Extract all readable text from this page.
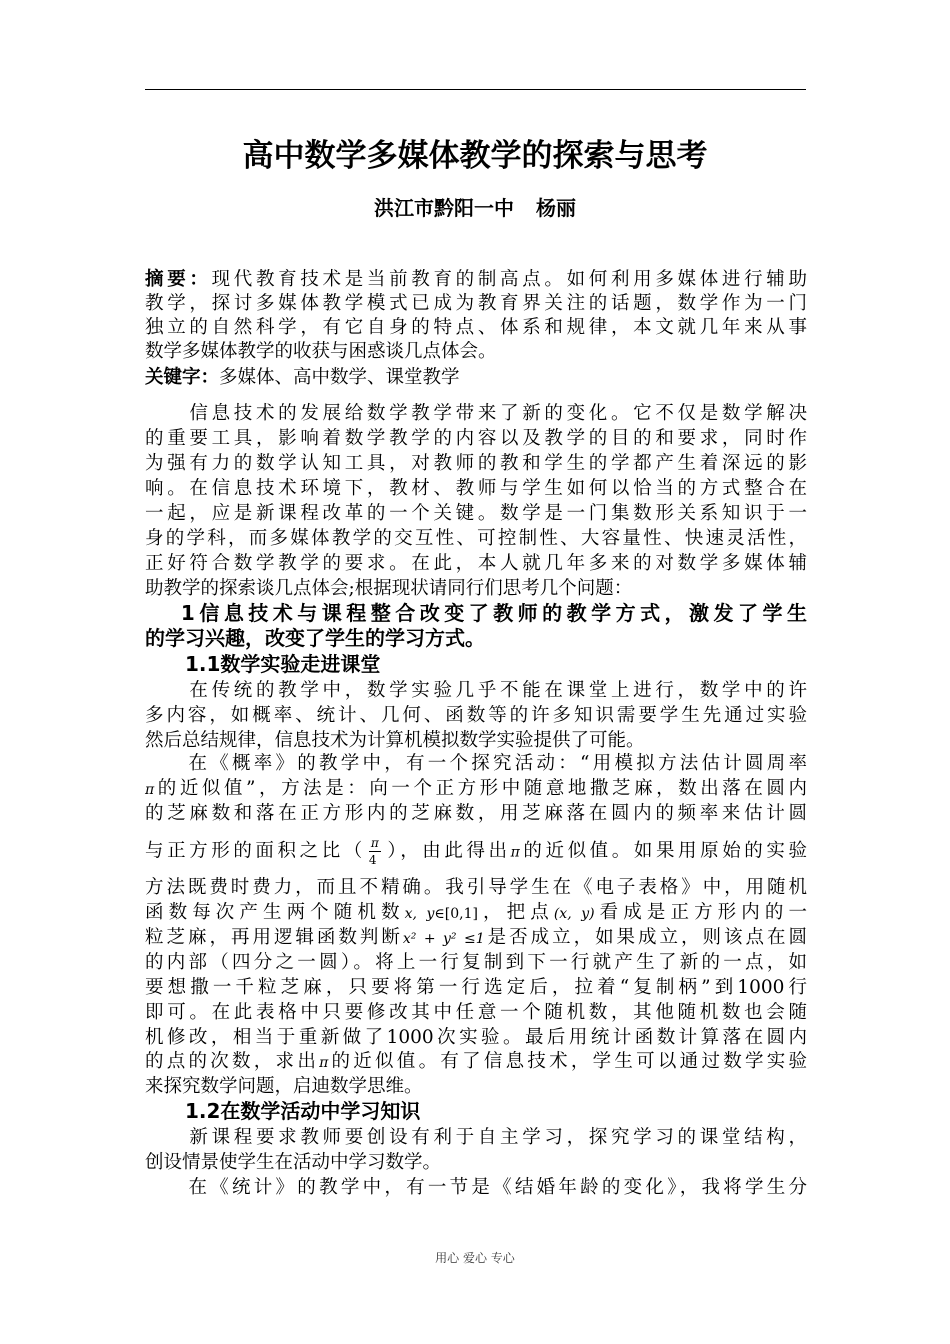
高中数学多媒体教学的探索与思考
洪江市黔阳一中 杨丽
摘要：现代教育技术是当前教育的制高点。如何利用多媒体进行辅助
教学，探讨多媒体教学模式已成为教育界关注的话题，数学作为一门
独立的自然科学，有它自身的特点、体系和规律，本文就几年来从事
数学多媒体教学的收获与困惑谈几点体会。
关键字：多媒体、高中数学、课堂教学
　　信息技术的发展给数学教学带来了新的变化。它不仅是数学解决
的重要工具，影响着数学教学的内容以及教学的目的和要求，同时作
为强有力的数学认知工具，对教师的教和学生的学都产生着深远的影
响。在信息技术环境下，教材、教师与学生如何以恰当的方式整合在
一起，应是新课程改革的一个关键。数学是一门集数形关系知识于一
身的学科，而多媒体教学的交互性、可控制性、大容量性、快速灵活性，
正好符合数学教学的要求。在此，本人就几年多来的对数学多媒体辅
助教学的探索谈几点体会;根据现状请同行们思考几个问题：
　 1信息技术与课程整合改变了教师的教学方式，激发了学生
的学习兴趣，改变了学生的学习方式。
　　1.1数学实验走进课堂
　　在传统的教学中，数学实验几乎不能在课堂上进行，数学中的许
多内容，如概率、统计、几何、函数等的许多知识需要学生先通过实验
然后总结规律，信息技术为计算机模拟数学实验提供了可能。
　　在《概率》的教学中，有一个探究活动：“用模拟方法估计圆周率
π的近似值”，方法是：向一个正方形中随意地撒芝麻，数出落在圆内
的芝麻数和落在正方形内的芝麻数，用芝麻落在圆内的频率来估计圆
与正方形的面积之比（ $\frac{\pi}{4}$ ），由此得出π的近似值。如果用原始的实验
方法既费时费力，而且不精确。我引导学生在《电子表格》中，用随机
函数每次产生两个随机数x, y∈[0,1]，把点(x, y)看成是正方形内的一
粒芝麻，再用逻辑函数判断x² + y² ≤1是否成立，如果成立，则该点在圆
的内部（四分之一圆）。将上一行复制到下一行就产生了新的一点，如
要想撒一千粒芝麻，只要将第一行选定后，拉着“复制柄”到1000行
即可。在此表格中只要修改其中任意一个随机数，其他随机数也会随
机修改，相当于重新做了1000次实验。最后用统计函数计算落在圆内
的点的次数，求出π的近似值。有了信息技术，学生可以通过数学实验
来探究数学问题，启迪数学思维。
　　1.2在数学活动中学习知识
　　新课程要求教师要创设有利于自主学习，探究学习的课堂结构，
创设情景使学生在活动中学习数学。
　　在《统计》的教学中，有一节是《结婚年龄的变化》，我将学生分
用心 爱心 专心
